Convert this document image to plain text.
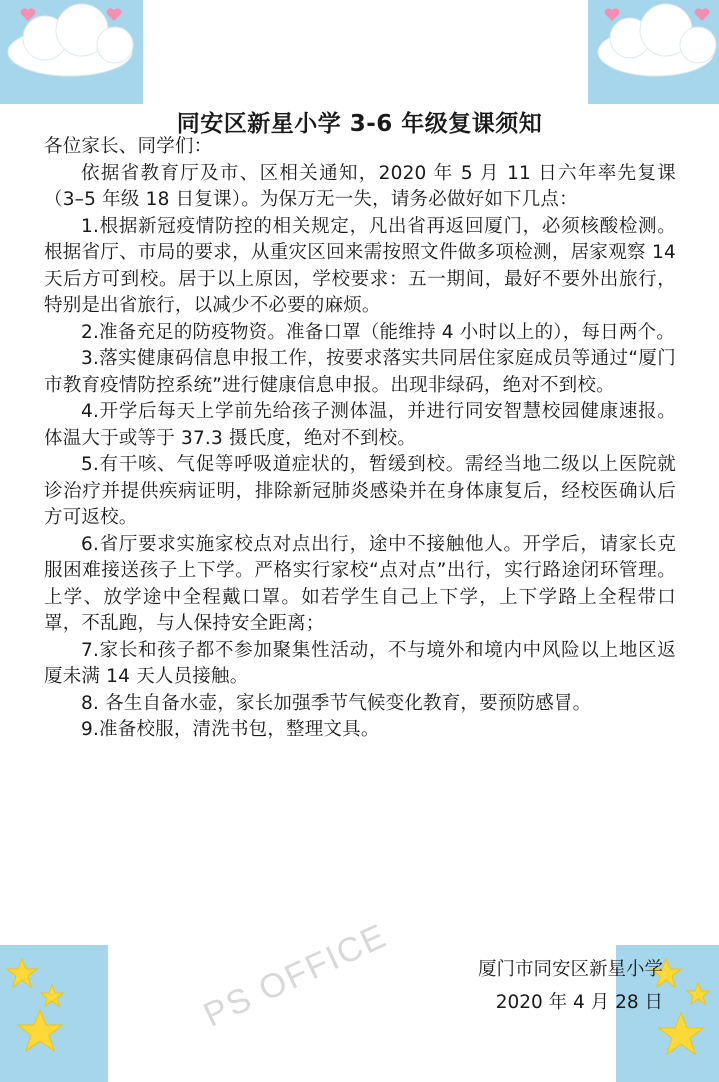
PS OFFICE
同安区新星小学 3-6 年级复课须知

各位家长、同学们：

依据省教育厅及市、区相关通知，2020 年 5 月 11 日六年率先复课（3–5 年级 18 日复课）。为保万无一失，请务必做好如下几点：

1.根据新冠疫情防控的相关规定，凡出省再返回厦门，必须核酸检测。根据省厅、市局的要求，从重灾区回来需按照文件做多项检测，居家观察 14 天后方可到校。居于以上原因，学校要求：五一期间，最好不要外出旅行，特别是出省旅行，以减少不必要的麻烦。

2.准备充足的防疫物资。准备口罩（能维持 4 小时以上的），每日两个。

3.落实健康码信息申报工作，按要求落实共同居住家庭成员等通过“厦门市教育疫情防控系统”进行健康信息申报。出现非绿码，绝对不到校。

4.开学后每天上学前先给孩子测体温，并进行同安智慧校园健康速报。体温大于或等于 37.3 摄氏度，绝对不到校。

5.有干咳、气促等呼吸道症状的，暂缓到校。需经当地二级以上医院就诊治疗并提供疾病证明，排除新冠肺炎感染并在身体康复后，经校医确认后方可返校。

6.省厅要求实施家校点对点出行，途中不接触他人。开学后，请家长克服困难接送孩子上下学。严格实行家校“点对点”出行，实行路途闭环管理。上学、放学途中全程戴口罩。如若学生自己上下学，上下学路上全程带口罩，不乱跑，与人保持安全距离；

7.家长和孩子都不参加聚集性活动，不与境外和境内中风险以上地区返厦未满 14 天人员接触。

8. 各生自备水壶，家长加强季节气候变化教育，要预防感冒。

9.准备校服，清洗书包，整理文具。

厦门市同安区新星小学
2020 年 4 月 28 日
